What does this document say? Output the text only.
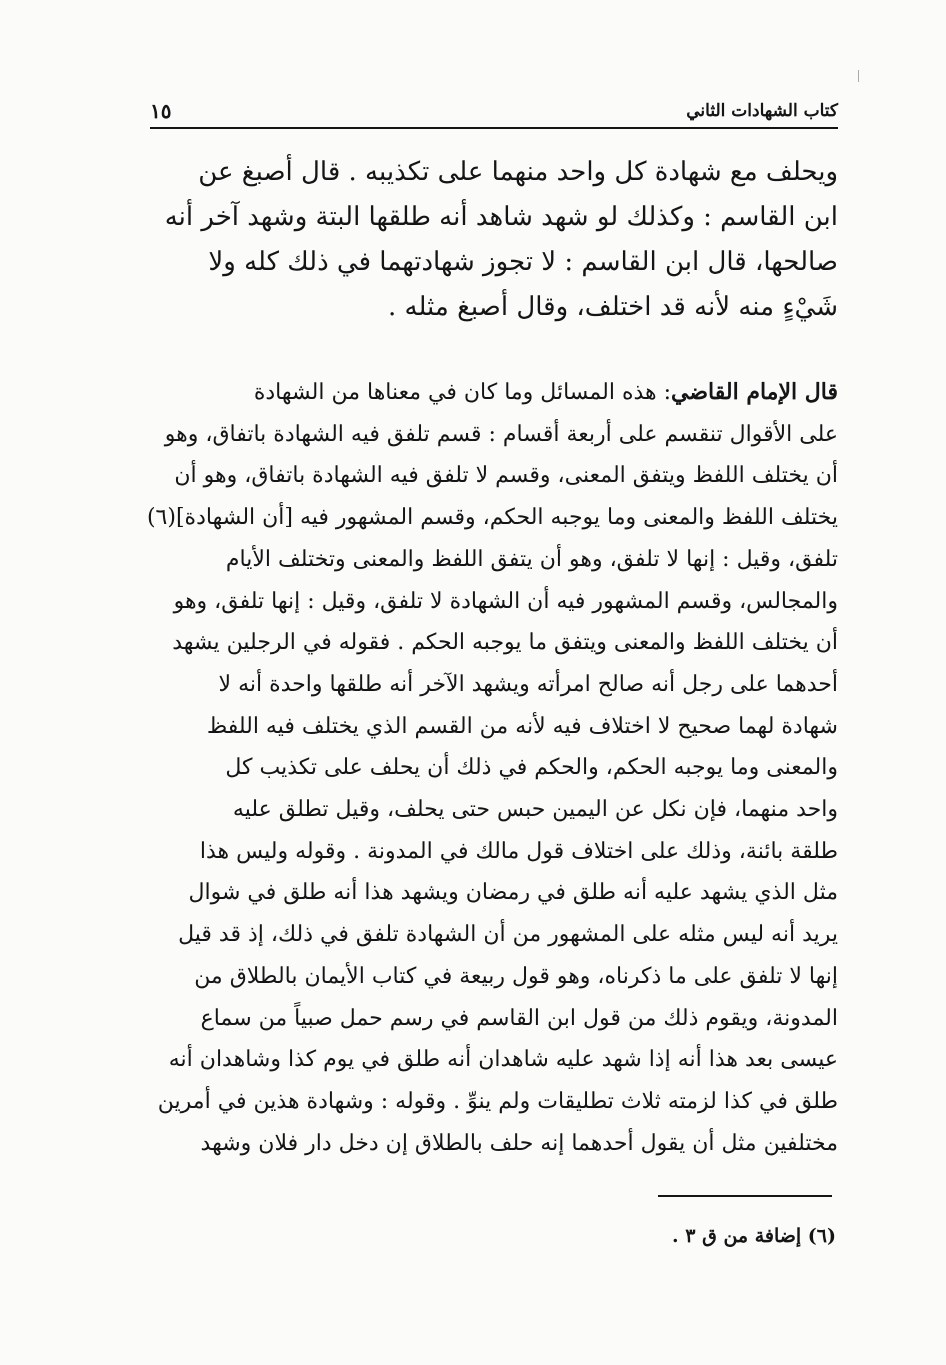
كتاب الشهادات الثاني
١٥
ويحلف مع شهادة كل واحد منهما على تكذيبه . قال أصبغ عن
ابن القاسم : وكذلك لو شهد شاهد أنه طلقها البتة وشهد آخر أنه
صالحها، قال ابن القاسم : لا تجوز شهادتهما في ذلك كله ولا
شَيْءٍ منه لأنه قد اختلف، وقال أصبغ مثله .
قال الإمام القاضي: هذه المسائل وما كان في معناها من الشهادة
على الأقوال تنقسم على أربعة أقسام : قسم تلفق فيه الشهادة باتفاق، وهو
أن يختلف اللفظ ويتفق المعنى، وقسم لا تلفق فيه الشهادة باتفاق، وهو أن
يختلف اللفظ والمعنى وما يوجبه الحكم، وقسم المشهور فيه [أن الشهادة](٦)
تلفق، وقيل : إنها لا تلفق، وهو أن يتفق اللفظ والمعنى وتختلف الأيام
والمجالس، وقسم المشهور فيه أن الشهادة لا تلفق، وقيل : إنها تلفق، وهو
أن يختلف اللفظ والمعنى ويتفق ما يوجبه الحكم . فقوله في الرجلين يشهد
أحدهما على رجل أنه صالح امرأته ويشهد الآخر أنه طلقها واحدة أنه لا
شهادة لهما صحيح لا اختلاف فيه لأنه من القسم الذي يختلف فيه اللفظ
والمعنى وما يوجبه الحكم، والحكم في ذلك أن يحلف على تكذيب كل
واحد منهما، فإن نكل عن اليمين حبس حتى يحلف، وقيل تطلق عليه
طلقة بائنة، وذلك على اختلاف قول مالك في المدونة . وقوله وليس هذا
مثل الذي يشهد عليه أنه طلق في رمضان ويشهد هذا أنه طلق في شوال
يريد أنه ليس مثله على المشهور من أن الشهادة تلفق في ذلك، إذ قد قيل
إنها لا تلفق على ما ذكرناه، وهو قول ربيعة في كتاب الأيمان بالطلاق من
المدونة، ويقوم ذلك من قول ابن القاسم في رسم حمل صبياً من سماع
عيسى بعد هذا أنه إذا شهد عليه شاهدان أنه طلق في يوم كذا وشاهدان أنه
طلق في كذا لزمته ثلاث تطليقات ولم ينوِّ . وقوله : وشهادة هذين في أمرين
مختلفين مثل أن يقول أحدهما إنه حلف بالطلاق إن دخل دار فلان وشهد
(٦) إضافة من ق ٣ .
